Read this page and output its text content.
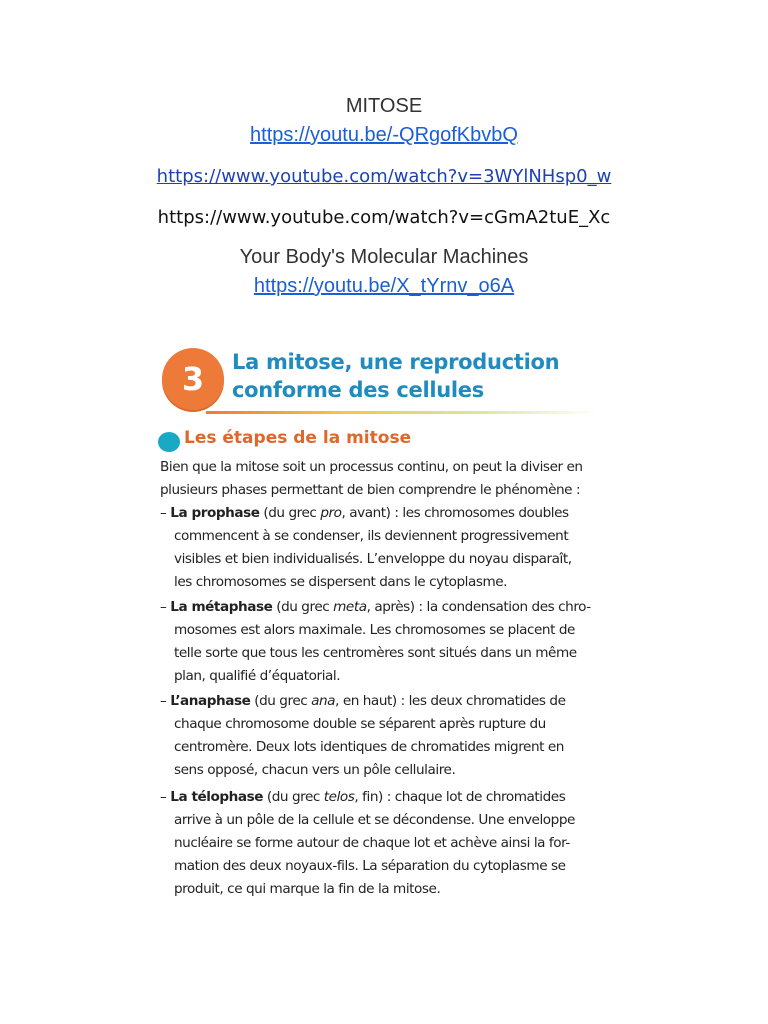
MITOSE
https://youtu.be/-QRgofKbvbQ
https://www.youtube.com/watch?v=3WYlNHsp0_w
https://www.youtube.com/watch?v=cGmA2tuE_Xc
Your Body's Molecular Machines
https://youtu.be/X_tYrnv_o6A
3	La mitose, une reproduction
conforme des cellules
Les étapes de la mitose
Bien que la mitose soit un processus continu, on peut la diviser en
plusieurs phases permettant de bien comprendre le phénomène :
– La prophase (du grec pro, avant) : les chromosomes doubles
commencent à se condenser, ils deviennent progressivement
visibles et bien individualisés. L’enveloppe du noyau disparaît,
les chromosomes se dispersent dans le cytoplasme.
– La métaphase (du grec meta, après) : la condensation des chro-
mosomes est alors maximale. Les chromosomes se placent de
telle sorte que tous les centromères sont situés dans un même
plan, qualifié d’équatorial.
– L’anaphase (du grec ana, en haut) : les deux chromatides de
chaque chromosome double se séparent après rupture du
centromère. Deux lots identiques de chromatides migrent en
sens opposé, chacun vers un pôle cellulaire.
– La télophase (du grec telos, fin) : chaque lot de chromatides
arrive à un pôle de la cellule et se décondense. Une enveloppe
nucléaire se forme autour de chaque lot et achève ainsi la for-
mation des deux noyaux-fils. La séparation du cytoplasme se
produit, ce qui marque la fin de la mitose.
